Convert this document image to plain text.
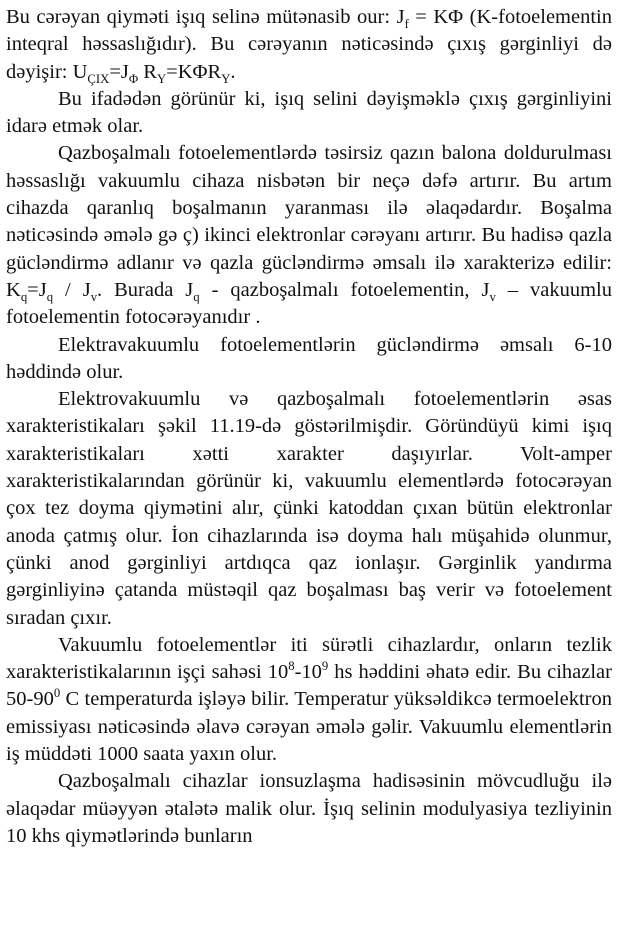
Bu cərəyan qiyməti işıq selinə mütənasib our: $J_f = K\Phi$ (K-fotoelementin inteqral həssaslığıdır). Bu cərəyanın nəticəsində çıxış gərginliyi də dəyişir: $U_{ÇIX}=J_\Phi$ $R_Y=K\Phi R_Y$.

Bu ifadədən görünür ki, işıq selini dəyişməklə çıxış gərginliyini idarə etmək olar.

Qazboşalmalı fotoelementlərdə təsirsiz qazın balona doldurulması həssaslığı vakuumlu cihaza nisbətən bir neçə dəfə artırır. Bu artım cihazda qaranlıq boşalmanın yaranması ilə əlaqədardır. Boşalma nəticəsində əmələ gə ç) ikinci elektronlar cərəyanı artırır. Bu hadisə qazla gücləndirmə adlanır və qazla gücləndirmə əmsalı ilə xarakterizə edilir: $K_q=J_q / J_v$. Burada $J_q$ - qazboşalmalı fotoelementin, $J_v$ – vakuumlu fotoelementin fotocərəyanıdır .

Elektravakuumlu fotoelementlərin gücləndirmə əmsalı 6-10 həddində olur.

Elektrovakuumlu və qazboşalmalı fotoelementlərin əsas xarakteristikaları şəkil 11.19-də göstərilmişdir. Göründüyü kimi işıq xarakteristikaları xətti xarakter daşıyırlar. Volt-amper xarakteristikalarından görünür ki, vakuumlu elementlərdə fotocərəyan çox tez doyma qiymətini alır, çünki katoddan çıxan bütün elektronlar anoda çatmış olur. İon cihazlarında isə doyma halı müşahidə olunmur, çünki anod gərginliyi artdıqca qaz ionlaşır. Gərginlik yandırma gərginliyinə çatanda müstəqil qaz boşalması baş verir və fotoelement sıradan çıxır.

Vakuumlu fotoelementlər iti sürətli cihazlardır, onların tezlik xarakteristikalarının işçi sahəsi $10^8-10^9$ hs həddini əhatə edir. Bu cihazlar $50-90^0$ C temperaturda işləyə bilir. Temperatur yüksəldikcə termoelektron emissiyası nəticəsində əlavə cərəyan əmələ gəlir. Vakuumlu elementlərin iş müddəti 1000 saata yaxın olur.

Qazboşalmalı cihazlar ionsuzlaşma hadisəsinin mövcudluğu ilə əlaqədar müəyyən ətalətə malik olur. İşıq selinin modulyasiya tezliyinin 10 khs qiymətlərində bunların
